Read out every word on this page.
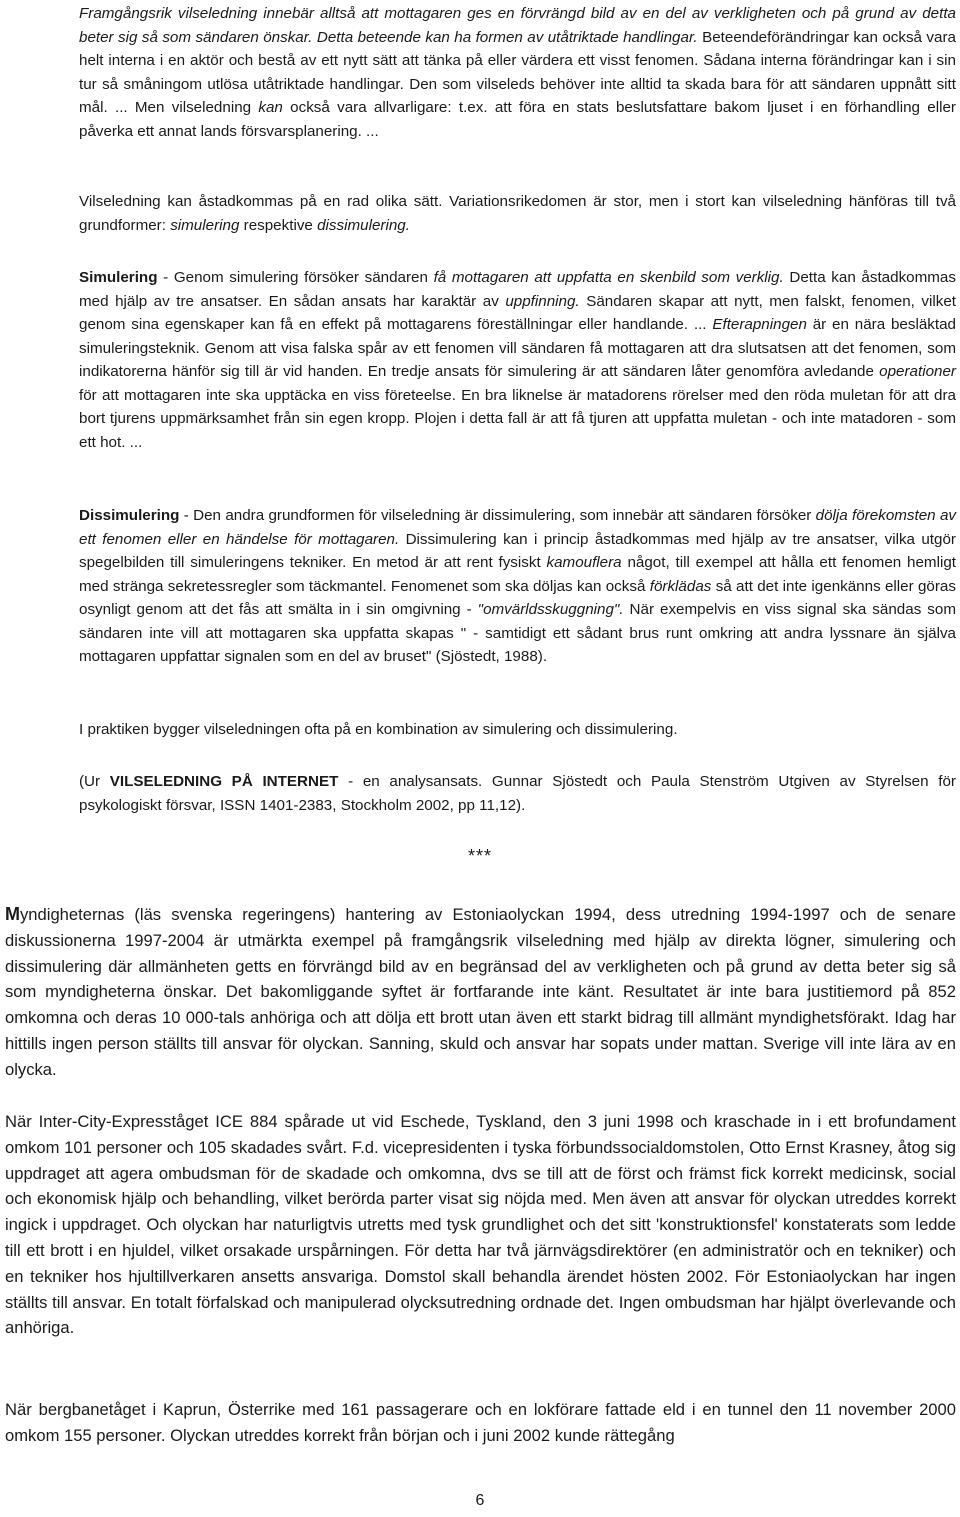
Framgångsrik vilseledning innebär alltså att mottagaren ges en förvrängd bild av en del av verkligheten och på grund av detta beter sig så som sändaren önskar. Detta beteende kan ha formen av utåtriktade handlingar. Beteendeförändringar kan också vara helt interna i en aktör och bestå av ett nytt sätt att tänka på eller värdera ett visst fenomen. Sådana interna förändringar kan i sin tur så småningom utlösa utåtriktade handlingar. Den som vilseleds behöver inte alltid ta skada bara för att sändaren uppnått sitt mål. ... Men vilseledning kan också vara allvarligare: t.ex. att föra en stats beslutsfattare bakom ljuset i en förhandling eller påverka ett annat lands försvarsplanering. ...

Vilseledning kan åstadkommas på en rad olika sätt. Variationsrikedomen är stor, men i stort kan vilseledning hänföras till två grundformer: simulering respektive dissimulering.

Simulering - Genom simulering försöker sändaren få mottagaren att uppfatta en skenbild som verklig. Detta kan åstadkommas med hjälp av tre ansatser. En sådan ansats har karaktär av uppfinning. Sändaren skapar att nytt, men falskt, fenomen, vilket genom sina egenskaper kan få en effekt på mottagarens föreställningar eller handlande. ... Efterapningen är en nära besläktad simuleringsteknik. Genom att visa falska spår av ett fenomen vill sändaren få mottagaren att dra slutsatsen att det fenomen, som indikatorerna hänför sig till är vid handen. En tredje ansats för simulering är att sändaren låter genomföra avledande operationer för att mottagaren inte ska upptäcka en viss företeelse. En bra liknelse är matadorens rörelser med den röda muletan för att dra bort tjurens uppmärksamhet från sin egen kropp. Plojen i detta fall är att få tjuren att uppfatta muletan - och inte matadoren - som ett hot. ...

Dissimulering - Den andra grundformen för vilseledning är dissimulering, som innebär att sändaren försöker dölja förekomsten av ett fenomen eller en händelse för mottagaren. Dissimulering kan i princip åstadkommas med hjälp av tre ansatser, vilka utgör spegelbilden till simuleringens tekniker. En metod är att rent fysiskt kamouflera något, till exempel att hålla ett fenomen hemligt med stränga sekretessregler som täckmantel. Fenomenet som ska döljas kan också förklädas så att det inte igenkänns eller göras osynligt genom att det fås att smälta in i sin omgivning - "omvärldsskuggning". När exempelvis en viss signal ska sändas som sändaren inte vill att mottagaren ska uppfatta skapas " - samtidigt ett sådant brus runt omkring att andra lyssnare än själva mottagaren uppfattar signalen som en del av bruset" (Sjöstedt, 1988).

I praktiken bygger vilseledningen ofta på en kombination av simulering och dissimulering.

(Ur VILSELEDNING PÅ INTERNET - en analysansats. Gunnar Sjöstedt och Paula Stenström Utgiven av Styrelsen för psykologiskt försvar, ISSN 1401-2383, Stockholm 2002, pp 11,12).

***

Myndigheternas (läs svenska regeringens) hantering av Estoniaolyckan 1994, dess utredning 1994-1997 och de senare diskussionerna 1997-2004 är utmärkta exempel på framgångsrik vilseledning med hjälp av direkta lögner, simulering och dissimulering där allmänheten getts en förvrängd bild av en begränsad del av verkligheten och på grund av detta beter sig så som myndigheterna önskar. Det bakomliggande syftet är fortfarande inte känt. Resultatet är inte bara justitiemord på 852 omkomna och deras 10 000-tals anhöriga och att dölja ett brott utan även ett starkt bidrag till allmänt myndighetsförakt. Idag har hittills ingen person ställts till ansvar för olyckan. Sanning, skuld och ansvar har sopats under mattan. Sverige vill inte lära av en olycka.

När Inter-City-Expresståget ICE 884 spårade ut vid Eschede, Tyskland, den 3 juni 1998 och kraschade in i ett brofundament omkom 101 personer och 105 skadades svårt. F.d. vicepresidenten i tyska förbundssocialdomstolen, Otto Ernst Krasney, åtog sig uppdraget att agera ombudsman för de skadade och omkomna, dvs se till att de först och främst fick korrekt medicinsk, social och ekonomisk hjälp och behandling, vilket berörda parter visat sig nöjda med. Men även att ansvar för olyckan utreddes korrekt ingick i uppdraget. Och olyckan har naturligtvis utretts med tysk grundlighet och det sitt 'konstruktionsfel' konstaterats som ledde till ett brott i en hjuldel, vilket orsakade urspårningen. För detta har två järnvägsdirektörer (en administratör och en tekniker) och en tekniker hos hjultillverkaren ansetts ansvariga. Domstol skall behandla ärendet hösten 2002. För Estoniaolyckan har ingen ställts till ansvar. En totalt förfalskad och manipulerad olycksutredning ordnade det. Ingen ombudsman har hjälpt överlevande och anhöriga.

När bergbanetåget i Kaprun, Österrike med 161 passagerare och en lokförare fattade eld i en tunnel den 11 november 2000 omkom 155 personer. Olyckan utreddes korrekt från början och i juni 2002 kunde rättegång

6
